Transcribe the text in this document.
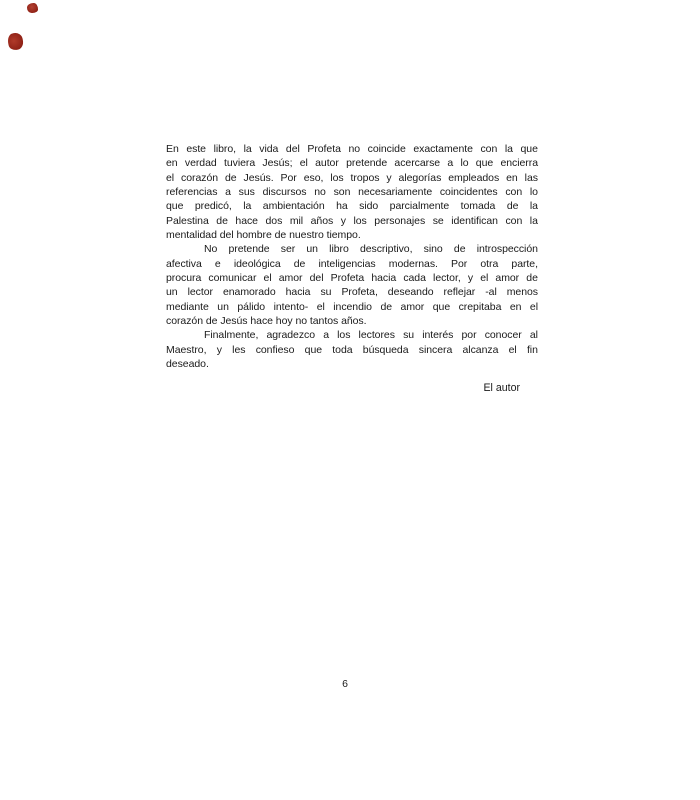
En este libro, la vida del Profeta no coincide exactamente con la que
en verdad tuviera Jesús; el autor pretende acercarse a lo que encierra
el corazón de Jesús. Por eso, los tropos y alegorías empleados en las
referencias a sus discursos no son necesariamente coincidentes con lo
que predicó, la ambientación ha sido parcialmente tomada de la
Palestina de hace dos mil años y los personajes se identifican con la
mentalidad del hombre de nuestro tiempo.
No pretende ser un libro descriptivo, sino de introspección
afectiva e ideológica de inteligencias modernas. Por otra parte,
procura comunicar el amor del Profeta hacia cada lector, y el amor de
un lector enamorado hacia su Profeta, deseando reflejar -al menos
mediante un pálido intento- el incendio de amor que crepitaba en el
corazón de Jesús hace hoy no tantos años.
Finalmente, agradezco a los lectores su interés por conocer al
Maestro, y les confieso que toda búsqueda sincera alcanza el fin
deseado.
El autor
6
